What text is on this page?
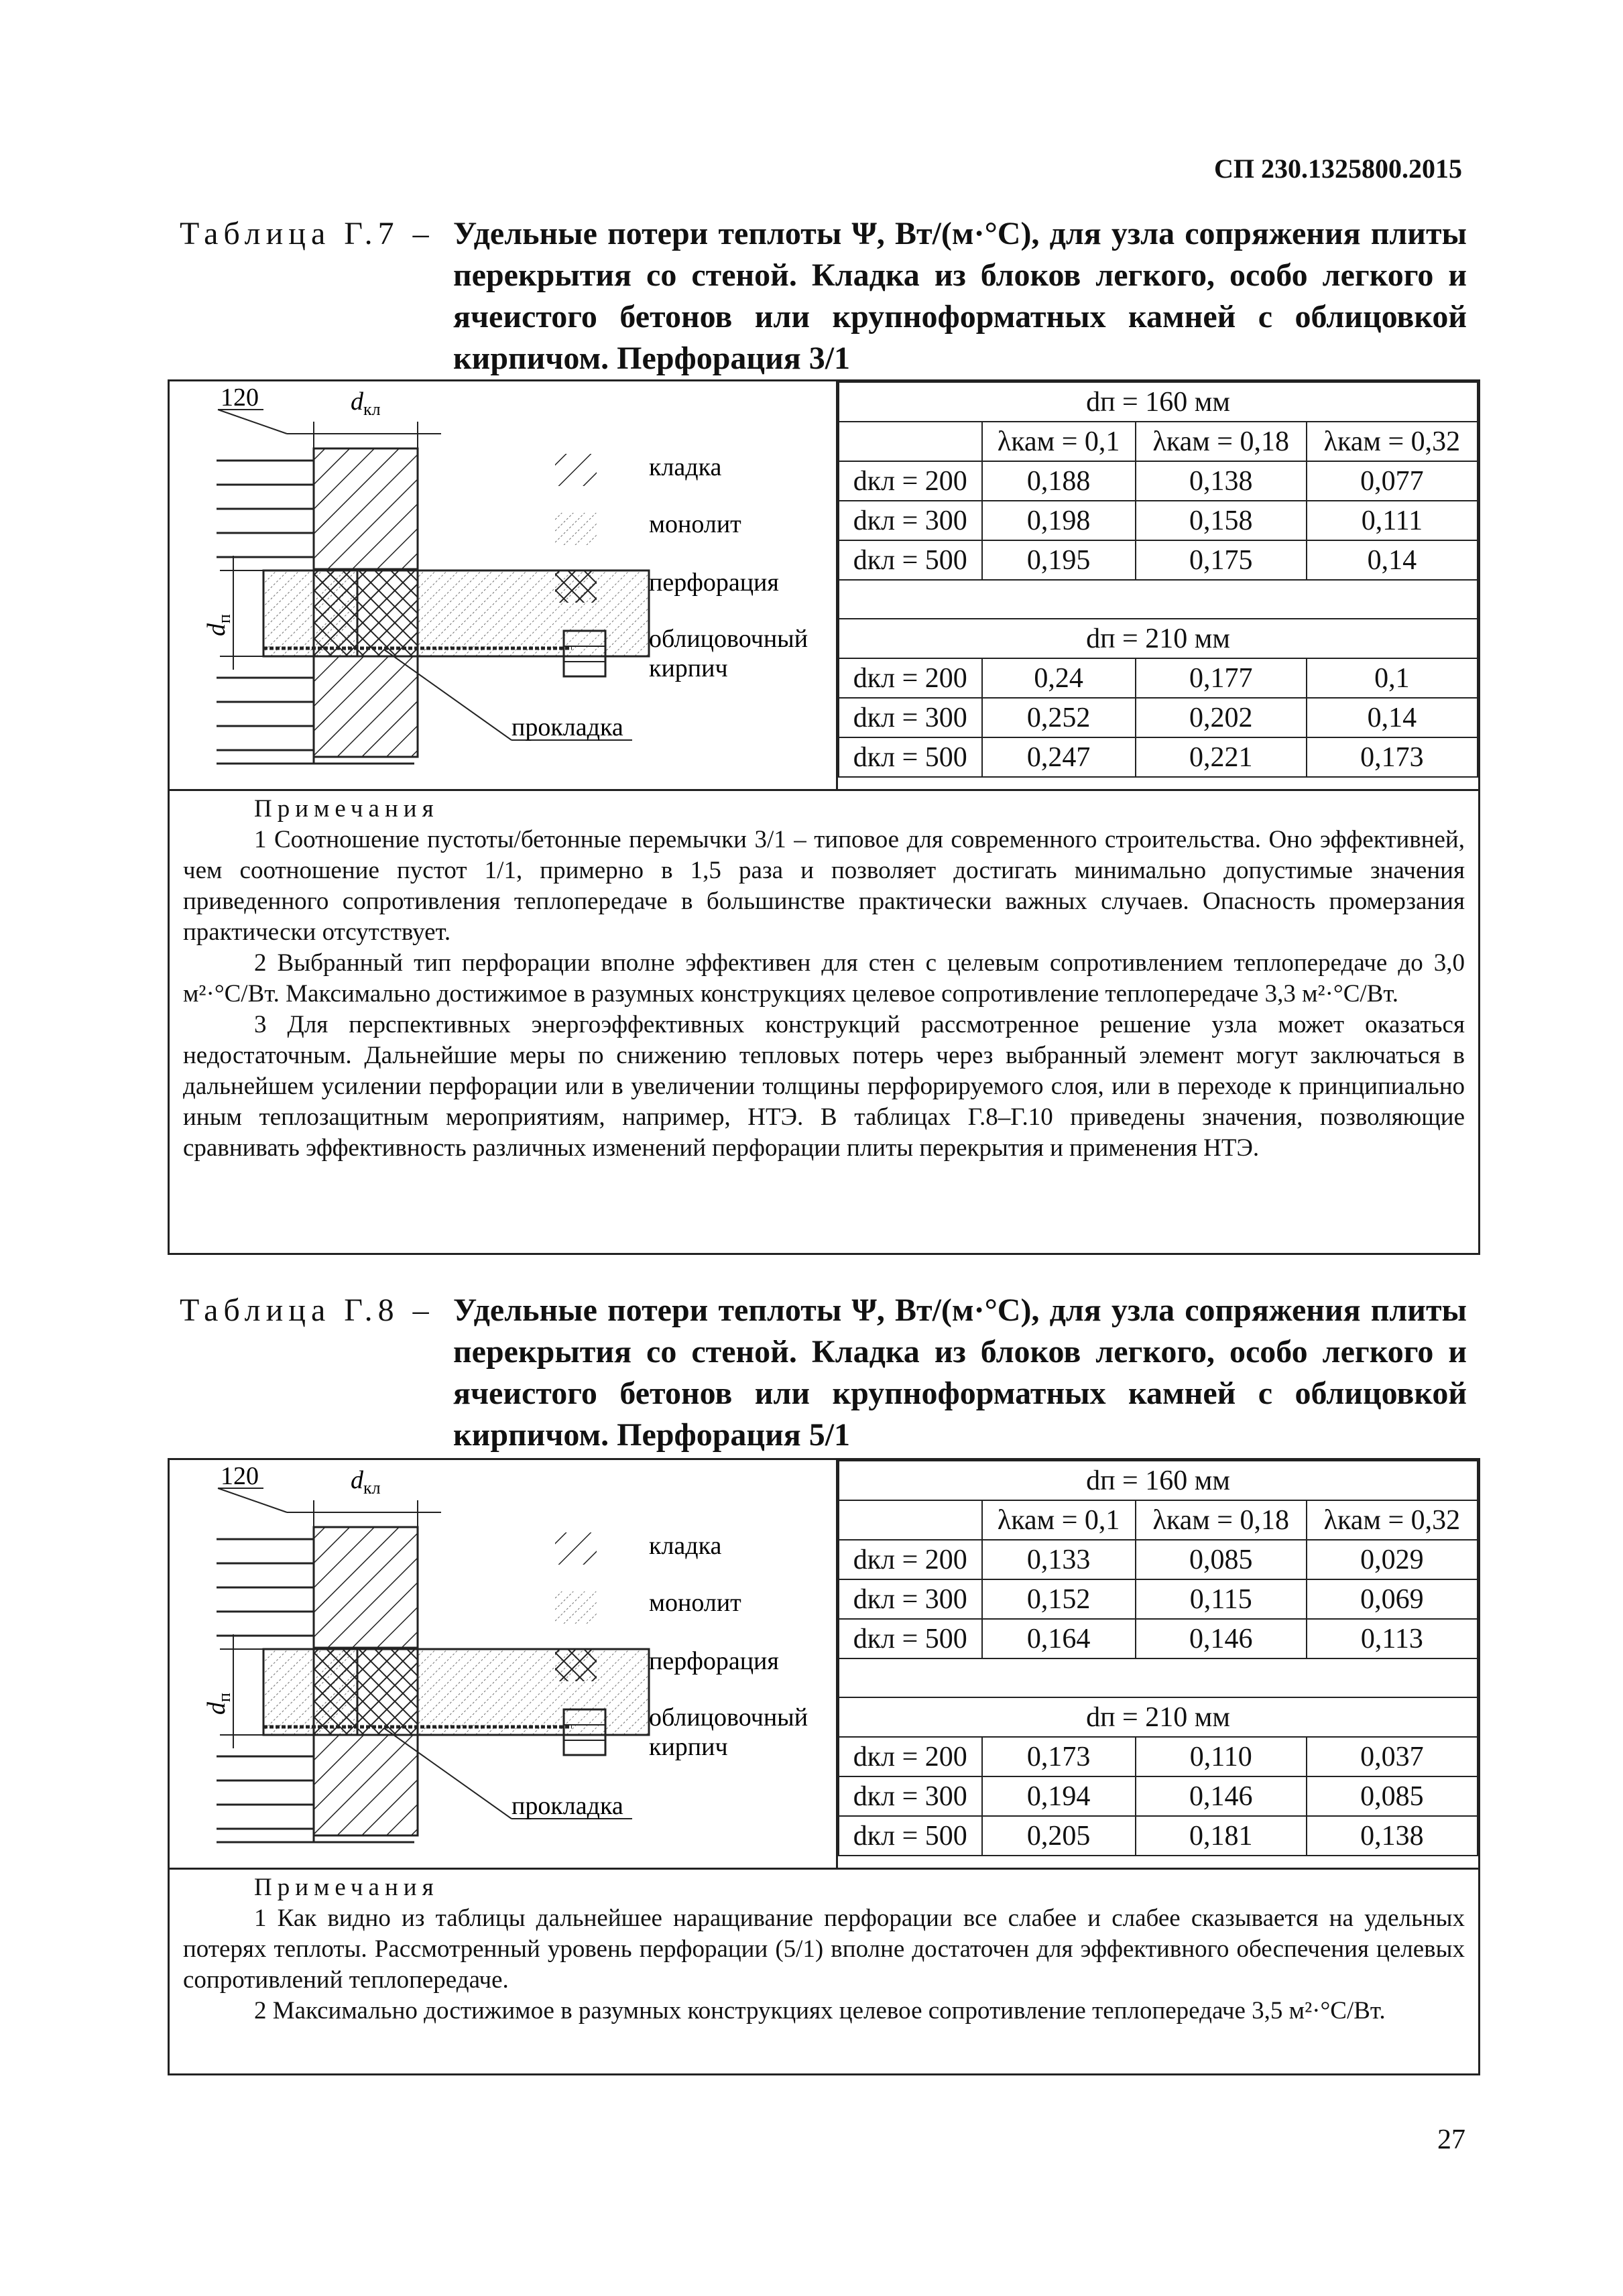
СП 230.1325800.2015
Таблица Г.7 – Удельные потери теплоты Ψ, Вт/(м·°С), для узла сопряжения плиты перекрытия со стеной. Кладка из блоков легкого, особо легкого и ячеистого бетонов или крупноформатных камней с облицовкой кирпичом. Перфорация 3/1
120	$d_{кл}$
$d_п$
прокладка
кладка
монолит
перфорация
облицовочный
кирпич
dп = 160 мм			
	λкам = 0,1	λкам = 0,18	λкам = 0,32
dкл = 200	0,188	0,138	0,077
dкл = 300	0,198	0,158	0,111
dкл = 500	0,195	0,175	0,14

dп = 210 мм			
dкл = 200	0,24	0,177	0,1
dкл = 300	0,252	0,202	0,14
dкл = 500	0,247	0,221	0,173
Примечания

1 Соотношение пустоты/бетонные перемычки 3/1 – типовое для современного строительства. Оно эффективней, чем соотношение пустот 1/1, примерно в 1,5 раза и позволяет достигать минимально допустимые значения приведенного сопротивления теплопередаче в большинстве практически важных случаев. Опасность промерзания практически отсутствует.

2 Выбранный тип перфорации вполне эффективен для стен с целевым сопротивлением теплопередаче до 3,0 м²·°С/Вт. Максимально достижимое в разумных конструкциях целевое сопротивление теплопередаче 3,3 м²·°С/Вт.

3 Для перспективных энергоэффективных конструкций рассмотренное решение узла может оказаться недостаточным. Дальнейшие меры по снижению тепловых потерь через выбранный элемент могут заключаться в дальнейшем усилении перфорации или в увеличении толщины перфорируемого слоя, или в переходе к принципиально иным теплозащитным мероприятиям, например, НТЭ. В таблицах Г.8–Г.10 приведены значения, позволяющие сравнивать эффективность различных изменений перфорации плиты перекрытия и применения НТЭ.

Таблица Г.8 – Удельные потери теплоты Ψ, Вт/(м·°С), для узла сопряжения плиты перекрытия со стеной. Кладка из блоков легкого, особо легкого и ячеистого бетонов или крупноформатных камней с облицовкой кирпичом. Перфорация 5/1
120	$d_{кл}$
$d_п$
прокладка
кладка
монолит
перфорация
облицовочный
кирпич
dп = 160 мм			
	λкам = 0,1	λкам = 0,18	λкам = 0,32
dкл = 200	0,133	0,085	0,029
dкл = 300	0,152	0,115	0,069
dкл = 500	0,164	0,146	0,113

dп = 210 мм			
dкл = 200	0,173	0,110	0,037
dкл = 300	0,194	0,146	0,085
dкл = 500	0,205	0,181	0,138
Примечания

1 Как видно из таблицы дальнейшее наращивание перфорации все слабее и слабее сказывается на удельных потерях теплоты. Рассмотренный уровень перфорации (5/1) вполне достаточен для эффективного обеспечения целевых сопротивлений теплопередаче.

2 Максимально достижимое в разумных конструкциях целевое сопротивление теплопередаче 3,5 м²·°С/Вт.

27
